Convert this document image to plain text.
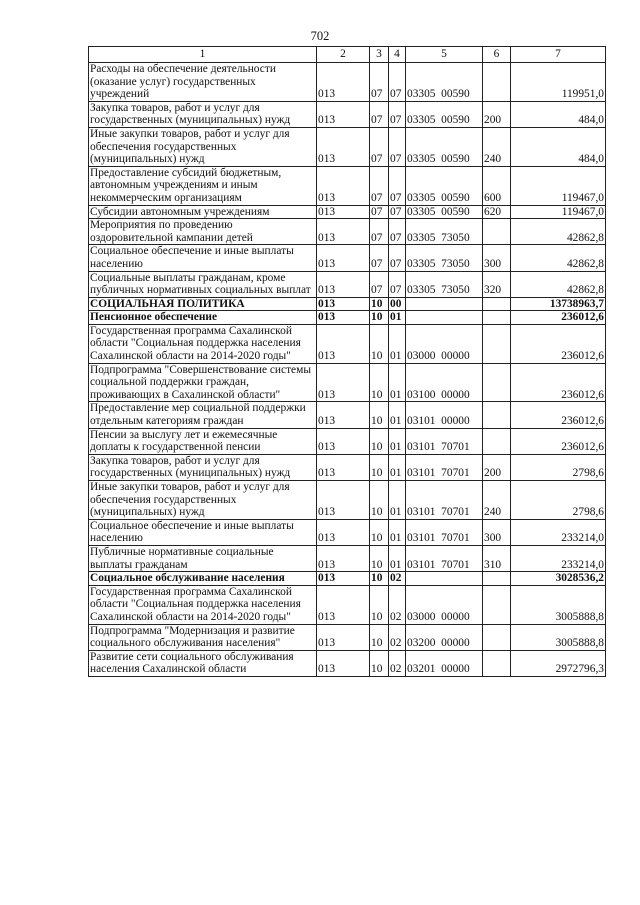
702
1	2	3	4	5	6	7
Расходы на обеспечение деятельности (оказание услуг) государственных учреждений	013	07	07	03305  00590		119951,0
Закупка товаров, работ и услуг для государственных (муниципальных) нужд	013	07	07	03305  00590	200	484,0
Иные закупки товаров, работ и услуг для обеспечения государственных (муниципальных) нужд	013	07	07	03305  00590	240	484,0
Предоставление субсидий бюджетным, автономным учреждениям и иным некоммерческим организациям	013	07	07	03305  00590	600	119467,0
Субсидии автономным учреждениям	013	07	07	03305  00590	620	119467,0
Мероприятия по проведению оздоровительной кампании детей	013	07	07	03305  73050		42862,8
Социальное обеспечение и иные выплаты населению	013	07	07	03305  73050	300	42862,8
Социальные выплаты гражданам, кроме публичных нормативных социальных выплат	013	07	07	03305  73050	320	42862,8
СОЦИАЛЬНАЯ ПОЛИТИКА	013	10	00			13738963,7
Пенсионное обеспечение	013	10	01			236012,6
Государственная программа Сахалинской области "Социальная поддержка населения Сахалинской области на 2014-2020 годы"	013	10	01	03000  00000		236012,6
Подпрограмма "Совершенствование системы социальной поддержки граждан, проживающих в Сахалинской области"	013	10	01	03100  00000		236012,6
Предоставление мер социальной поддержки отдельным категориям граждан	013	10	01	03101  00000		236012,6
Пенсии за выслугу лет и ежемесячные доплаты к государственной пенсии	013	10	01	03101  70701		236012,6
Закупка товаров, работ и услуг для государственных (муниципальных) нужд	013	10	01	03101  70701	200	2798,6
Иные закупки товаров, работ и услуг для обеспечения государственных (муниципальных) нужд	013	10	01	03101  70701	240	2798,6
Социальное обеспечение и иные выплаты населению	013	10	01	03101  70701	300	233214,0
Публичные нормативные социальные выплаты гражданам	013	10	01	03101  70701	310	233214,0
Социальное обслуживание населения	013	10	02			3028536,2
Государственная программа Сахалинской области "Социальная поддержка населения Сахалинской области на 2014-2020 годы"	013	10	02	03000  00000		3005888,8
Подпрограмма "Модернизация и развитие социального обслуживания населения"	013	10	02	03200  00000		3005888,8
Развитие сети социального обслуживания населения Сахалинской области	013	10	02	03201  00000		2972796,3
